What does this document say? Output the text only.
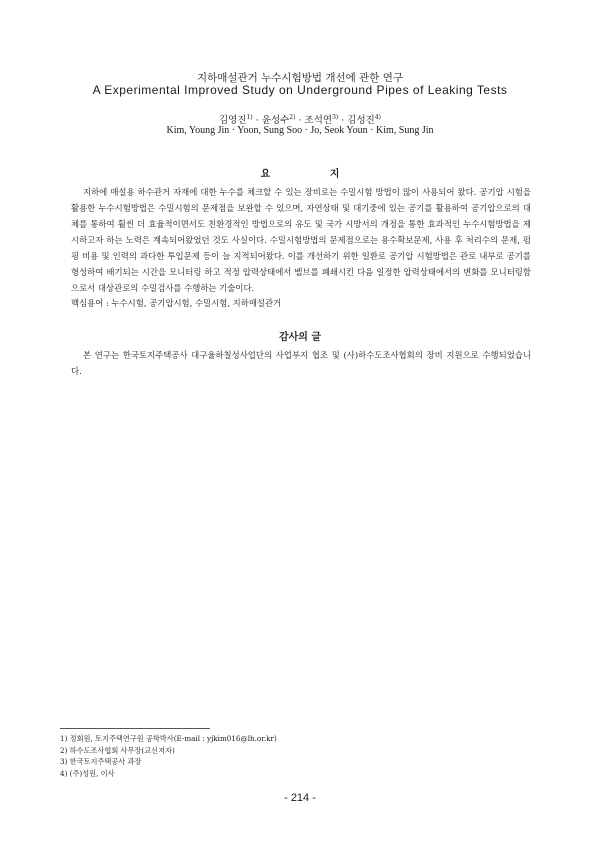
지하매설관거 누수시험방법 개선에 관한 연구
A Experimental Improved Study on Underground Pipes of Leaking Tests
김영진$^{1)}$ · 윤성수$^{2)}$ · 조석연$^{3)}$ · 김성진$^{4)}$
Kim, Young Jin · Yoon, Sung Soo · Jo, Seok Youn · Kim, Sung Jin
요 지
지하에 매설용 하수관거 자재에 대한 누수를 체크할 수 있는 장비로는 수밀시험 방법이 많이 사용되어 왔다. 공기압 시험을 활용한 누수시험방법은 수밀시험의 문제점을 보완할 수 있으며, 자연상태 및 대기중에 있는 공기를 활용하여 공기압으로의 대체를 통하여 훨씬 더 효율적이면서도 친환경적인 방법으로의 유도 및 국가 시방서의 개정을 통한 효과적인 누수시험방법을 제시하고자 하는 노력은 계속되어왔었던 것도 사실이다. 수밀시험방법의 문제점으로는 용수확보문제, 사용 후 처리수의 문제, 펌핑 비용 및 인력의 과다한 투입문제 등이 늘 지적되어왔다. 이를 개선하기 위한 일환로 공기압 시험방법은 관로 내부로 공기를 형성하여 배기되는 시간을 모니터링 하고 적정 압력상태에서 벨브를 폐쇄시킨 다음 일정한 압력상태에서의 변화를 모니터링함으로서 대상관로의 수밀검사를 수행하는 기술이다.
핵심용어 : 누수시험, 공기압시험, 수밀시험, 지하매설관거
감사의 글
본 연구는 한국토지주택공사 대구율하칠성사업단의 사업부지 협조 및 (사)하수도조사협회의 장비 지원으로 수행되었습니다.
1) 정회원, 토지주택연구원 공학박사(E-mail : yjkim016@lh.or.kr)
2) 하수도조사협회 사무장(교신저자)
3) 한국토지주택공사 과장
4) (주)성원, 이사
- 214 -
